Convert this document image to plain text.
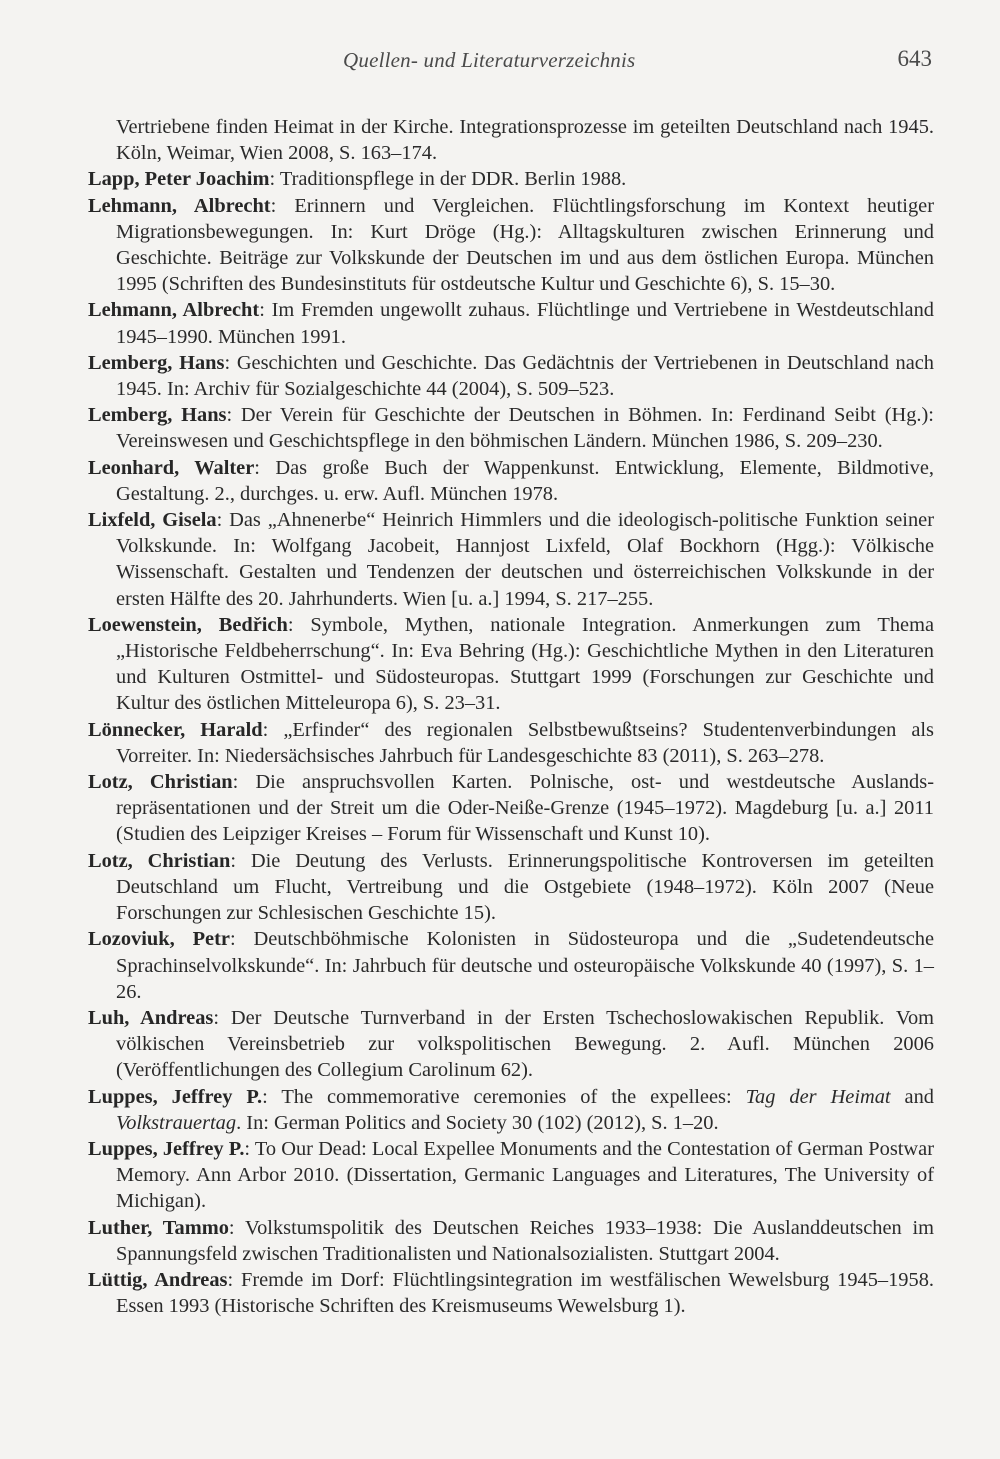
Quellen- und Literaturverzeichnis	643
Vertriebene finden Heimat in der Kirche. Integrationsprozesse im geteilten Deutschland nach 1945. Köln, Weimar, Wien 2008, S. 163–174.
Lapp, Peter Joachim: Traditionspflege in der DDR. Berlin 1988.
Lehmann, Albrecht: Erinnern und Vergleichen. Flüchtlingsforschung im Kontext heutiger Migrationsbewegungen. In: Kurt Dröge (Hg.): Alltagskulturen zwischen Erinnerung und Geschichte. Beiträge zur Volkskunde der Deutschen im und aus dem östlichen Europa. München 1995 (Schriften des Bundesinstituts für ostdeutsche Kultur und Geschichte 6), S. 15–30.
Lehmann, Albrecht: Im Fremden ungewollt zuhaus. Flüchtlinge und Vertriebene in Westdeutschland 1945–1990. München 1991.
Lemberg, Hans: Geschichten und Geschichte. Das Gedächtnis der Vertriebenen in Deutschland nach 1945. In: Archiv für Sozialgeschichte 44 (2004), S. 509–523.
Lemberg, Hans: Der Verein für Geschichte der Deutschen in Böhmen. In: Ferdinand Seibt (Hg.): Vereinswesen und Geschichtspflege in den böhmischen Ländern. München 1986, S. 209–230.
Leonhard, Walter: Das große Buch der Wappenkunst. Entwicklung, Elemente, Bildmotive, Gestaltung. 2., durchges. u. erw. Aufl. München 1978.
Lixfeld, Gisela: Das „Ahnenerbe“ Heinrich Himmlers und die ideologisch-politische Funktion seiner Volkskunde. In: Wolfgang Jacobeit, Hannjost Lixfeld, Olaf Bockhorn (Hgg.): Völkische Wissenschaft. Gestalten und Tendenzen der deutschen und österreichischen Volkskunde in der ersten Hälfte des 20. Jahrhunderts. Wien [u. a.] 1994, S. 217–255.
Loewenstein, Bedřich: Symbole, Mythen, nationale Integration. Anmerkungen zum Thema „Historische Feldbeherrschung“. In: Eva Behring (Hg.): Geschichtliche Mythen in den Literaturen und Kulturen Ostmittel- und Südosteuropas. Stuttgart 1999 (Forschungen zur Geschichte und Kultur des östlichen Mitteleuropa 6), S. 23–31.
Lönnecker, Harald: „Erfinder“ des regionalen Selbstbewußtseins? Studentenverbindungen als Vorreiter. In: Niedersächsisches Jahrbuch für Landesgeschichte 83 (2011), S. 263–278.
Lotz, Christian: Die anspruchsvollen Karten. Polnische, ost- und westdeutsche Auslandsrepräsentationen und der Streit um die Oder-Neiße-Grenze (1945–1972). Magdeburg [u. a.] 2011 (Studien des Leipziger Kreises – Forum für Wissenschaft und Kunst 10).
Lotz, Christian: Die Deutung des Verlusts. Erinnerungspolitische Kontroversen im geteilten Deutschland um Flucht, Vertreibung und die Ostgebiete (1948–1972). Köln 2007 (Neue Forschungen zur Schlesischen Geschichte 15).
Lozoviuk, Petr: Deutschböhmische Kolonisten in Südosteuropa und die „Sudetendeutsche Sprachinselvolkskunde“. In: Jahrbuch für deutsche und osteuropäische Volkskunde 40 (1997), S. 1–26.
Luh, Andreas: Der Deutsche Turnverband in der Ersten Tschechoslowakischen Republik. Vom völkischen Vereinsbetrieb zur volkspolitischen Bewegung. 2. Aufl. München 2006 (Veröffentlichungen des Collegium Carolinum 62).
Luppes, Jeffrey P.: The commemorative ceremonies of the expellees: Tag der Heimat and Volkstrauertag. In: German Politics and Society 30 (102) (2012), S. 1–20.
Luppes, Jeffrey P.: To Our Dead: Local Expellee Monuments and the Contestation of German Postwar Memory. Ann Arbor 2010. (Dissertation, Germanic Languages and Literatures, The University of Michigan).
Luther, Tammo: Volkstumspolitik des Deutschen Reiches 1933–1938: Die Auslanddeutschen im Spannungsfeld zwischen Traditionalisten und Nationalsozialisten. Stuttgart 2004.
Lüttig, Andreas: Fremde im Dorf: Flüchtlingsintegration im westfälischen Wewelsburg 1945–1958. Essen 1993 (Historische Schriften des Kreismuseums Wewelsburg 1).
